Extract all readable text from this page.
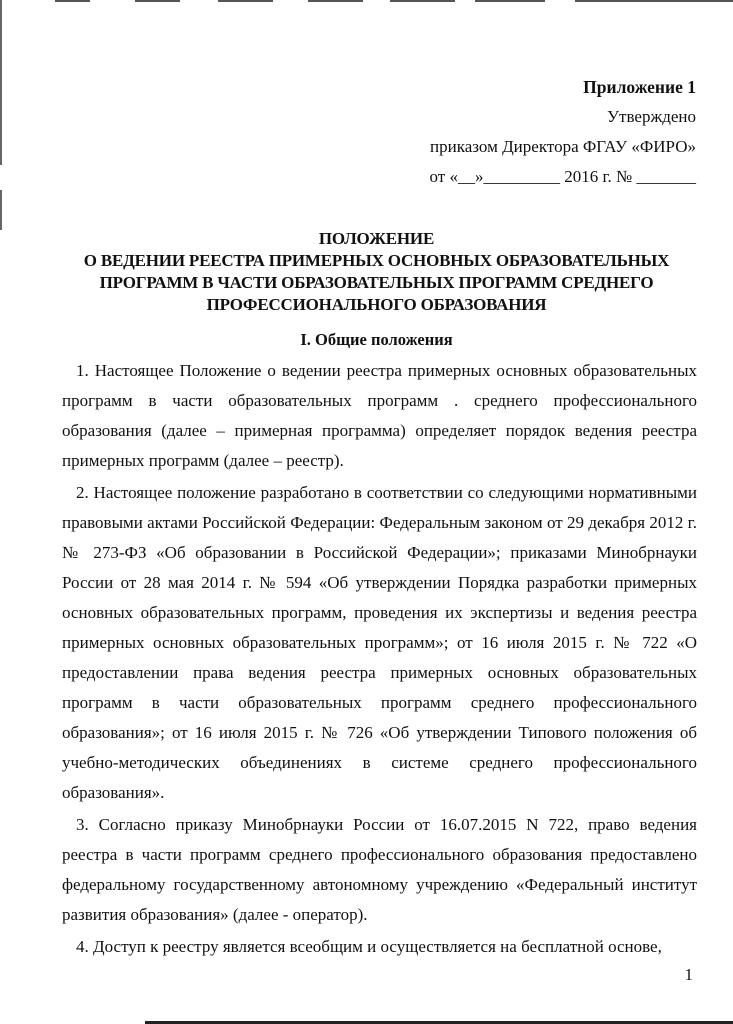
Приложение 1
Утверждено
приказом Директора ФГАУ «ФИРО»
от «__»_________ 2016 г. № _______
ПОЛОЖЕНИЕ
О ВЕДЕНИИ РЕЕСТРА ПРИМЕРНЫХ ОСНОВНЫХ ОБРАЗОВАТЕЛЬНЫХ
ПРОГРАММ В ЧАСТИ ОБРАЗОВАТЕЛЬНЫХ ПРОГРАММ СРЕДНЕГО
ПРОФЕССИОНАЛЬНОГО ОБРАЗОВАНИЯ
I. Общие положения

1. Настоящее Положение о ведении реестра примерных основных образовательных программ в части образовательных программ . среднего профессионального образования (далее – примерная программа) определяет порядок ведения реестра примерных программ (далее – реестр).

2. Настоящее положение разработано в соответствии со следующими нормативными правовыми актами Российской Федерации: Федеральным законом от 29 декабря 2012 г. № 273-ФЗ «Об образовании в Российской Федерации»; приказами Минобрнауки России от 28 мая 2014 г. № 594 «Об утверждении Порядка разработки примерных основных образовательных программ, проведения их экспертизы и ведения реестра примерных основных образовательных программ»; от 16 июля 2015 г. № 722 «О предоставлении права ведения реестра примерных основных образовательных программ в части образовательных программ среднего профессионального образования»; от 16 июля 2015 г. № 726 «Об утверждении Типового положения об учебно-методических объединениях в системе среднего профессионального образования».

3. Согласно приказу Минобрнауки России от 16.07.2015 N 722, право ведения реестра в части программ среднего профессионального образования предоставлено федеральному государственному автономному учреждению «Федеральный институт развития образования» (далее - оператор).

4. Доступ к реестру является всеобщим и осуществляется на бесплатной основе,

1
